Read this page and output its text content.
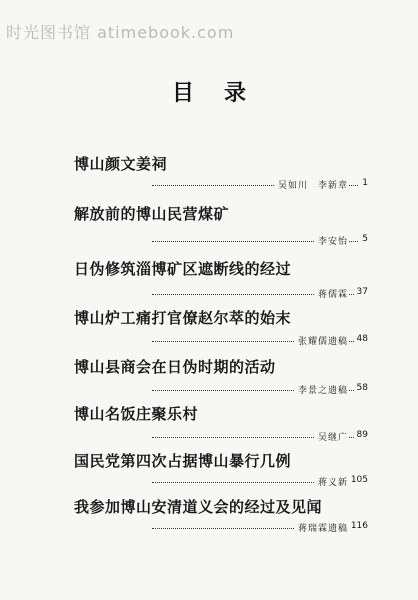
时光图书馆 atimebook.com
目录
博山颜文姜祠
吴如川　李新章	1
解放前的博山民营煤矿
李安怡	5
日伪修筑淄博矿区遮断线的经过
蒋儒霖 37
博山炉工痛打官僚赵尔萃的始末
张耀儒遗稿 48
博山县商会在日伪时期的活动
李景之遗稿 58
博山名饭庄聚乐村
吴继广 89
国民党第四次占据博山暴行几例
蒋义新 105
我参加博山安清道义会的经过及见闻
蒋瑞霖遗稿 116
